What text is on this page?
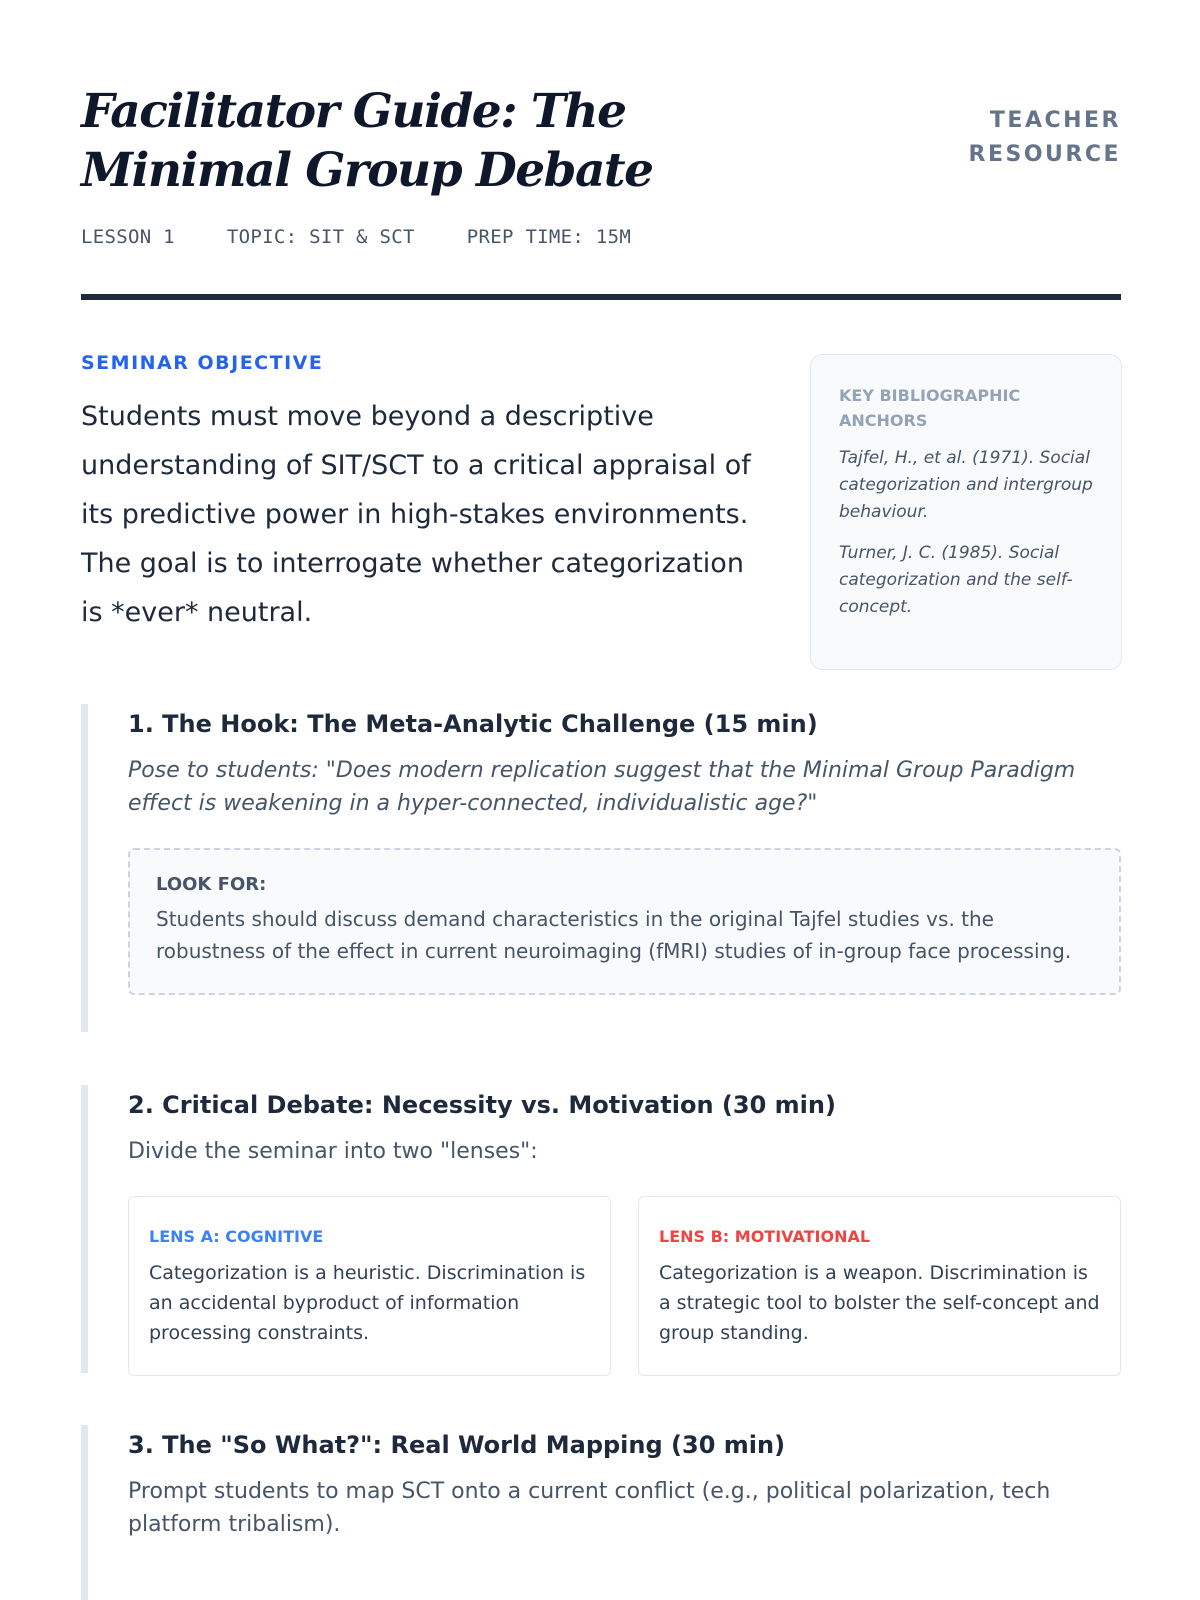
Facilitator Guide: The Minimal Group Debate
TEACHER RESOURCE
LESSON 1	TOPIC: SIT & SCT	PREP TIME: 15M
SEMINAR OBJECTIVE

Students must move beyond a descriptive understanding of SIT/SCT to a critical appraisal of its predictive power in high-stakes environments. The goal is to interrogate whether categorization is *ever* neutral.

KEY BIBLIOGRAPHIC ANCHORS

Tajfel, H., et al. (1971). Social categorization and intergroup behaviour.

Turner, J. C. (1985). Social categorization and the self-concept.

1. The Hook: The Meta-Analytic Challenge (15 min)

Pose to students: "Does modern replication suggest that the Minimal Group Paradigm effect is weakening in a hyper-connected, individualistic age?"

LOOK FOR:

Students should discuss demand characteristics in the original Tajfel studies vs. the robustness of the effect in current neuroimaging (fMRI) studies of in-group face processing.

2. Critical Debate: Necessity vs. Motivation (30 min)

Divide the seminar into two "lenses":

LENS A: COGNITIVE

Categorization is a heuristic. Discrimination is an accidental byproduct of information processing constraints.

LENS B: MOTIVATIONAL

Categorization is a weapon. Discrimination is a strategic tool to bolster the self-concept and group standing.

3. The "So What?": Real World Mapping (30 min)

Prompt students to map SCT onto a current conflict (e.g., political polarization, tech platform tribalism).
